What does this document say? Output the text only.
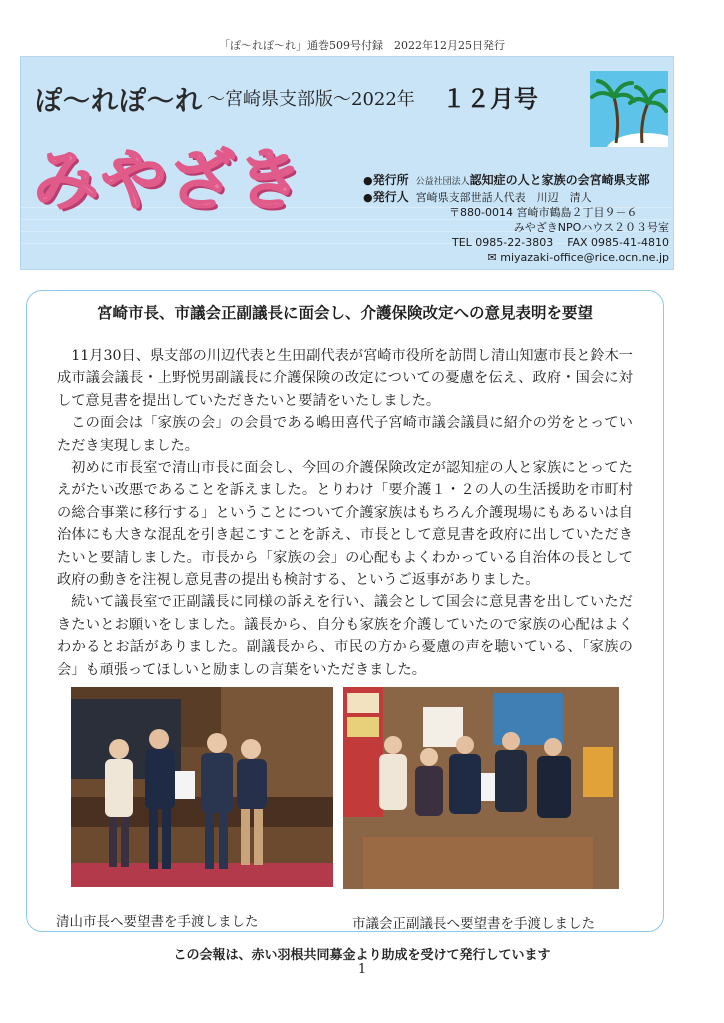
「ぽ〜れぽ〜れ」通巻509号付録　2022年12月25日発行
ぽ〜れぽ〜れ 〜宮崎県支部版〜2022年 １２月号
みやざき	●発行所 公益社団法人認知症の人と家族の会宮崎県支部
●発行人 宮崎県支部世話人代表　川辺　清人
〒880-0014 宮崎市鶴島２丁目９－６
みやざきNPOハウス２０３号室
TEL 0985-22-3803 FAX 0985-41-4810
✉ miyazaki-office@rice.ocn.ne.jp
宮崎市長、市議会正副議長に面会し、介護保険改定への意見表明を要望

11月30日、県支部の川辺代表と生田副代表が宮崎市役所を訪問し清山知憲市長と鈴木一成市議会議長・上野悦男副議長に介護保険の改定についての憂慮を伝え、政府・国会に対して意見書を提出していただきたいと要請をいたしました。

この面会は「家族の会」の会員である嶋田喜代子宮崎市議会議員に紹介の労をとっていただき実現しました。

初めに市長室で清山市長に面会し、今回の介護保険改定が認知症の人と家族にとってたえがたい改悪であることを訴えました。とりわけ「要介護１・２の人の生活援助を市町村の総合事業に移行する」ということについて介護家族はもちろん介護現場にもあるいは自治体にも大きな混乱を引き起こすことを訴え、市長として意見書を政府に出していただきたいと要請しました。市長から「家族の会」の心配もよくわかっている自治体の長として政府の動きを注視し意見書の提出も検討する、というご返事がありました。

続いて議長室で正副議長に同様の訴えを行い、議会として国会に意見書を出していただきたいとお願いをしました。議長から、自分も家族を介護していたので家族の心配はよくわかるとお話がありました。副議長から、市民の方から憂慮の声を聴いている、「家族の会」も頑張ってほしいと励ましの言葉をいただきました。

清山市長へ要望書を手渡しました	市議会正副議長へ要望書を手渡しました
この会報は、赤い羽根共同募金より助成を受けて発行しています
1
